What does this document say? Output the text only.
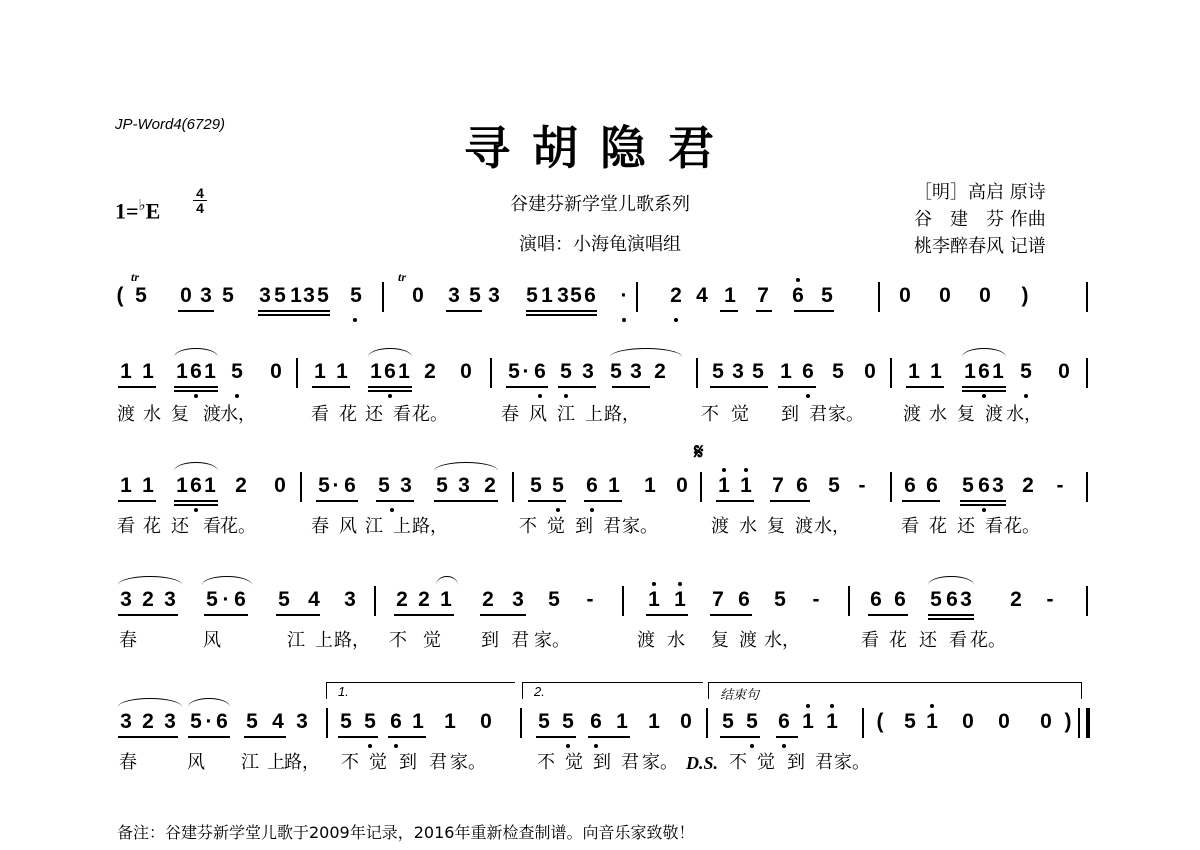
JP-Word4(6729)	寻胡隐君
1=♭E
4
4	谷建芬新学堂儿歌系列
演唱：小海龟演唱组
［明］高启 原诗
谷　建　芬 作曲
桃李醉春风 记谱
( 5 0 3 5 3 5 1 3 5 5 0 3 5 3 5 1 3 5 6 · 2 4 1 7 6 5	0 0 0 )
1 1 1 6 1 5 0 1 1 1 6 1 2 0 5 · 6 5 3 5 3 2 5 3 5 1 6 5 0 1 1 1 6 1 5 0
渡 水 复 渡 水，	看 花 还 看 花。	春 风 江 上 路，	不 觉 到 君 家。 渡 水 复 渡 水，
1 1 1 6 1 2 0 5 · 6 5 3 5 3 2 5 5 6 1 1 0 1 1 7 6 5 - 6 6 5 6 3 2 -
看 花 还 看 花。	春 风 江 上 路，	不 觉 到 君 家。	渡 水 复 渡 水，	看 花 还 看 花。
3 2 3 5 · 6 5 4 3 2 2 1 2 3 5 -	1 1 7 6 5 - 6 6 5 6 3 2 -
春	风	江 上 路， 不 觉 到 君 家。	渡 水 复 渡 水，	看 花 还 看 花。
3 2 3 5 · 6 5 4 3 5 5 6 1 1 0 5 5 6 1 1 0 5 5 6 1 1 ( 5 1 0 0 0 )
春	风 江 上 路， 不 觉 到 君 家。	不 觉 到 君 家。	不 觉 到 君 家。
tr	tr
𝄋
1.	2.	结束句
D.S.
备注：谷建芬新学堂儿歌于2009年记录，2016年重新检查制谱。向音乐家致敬！
